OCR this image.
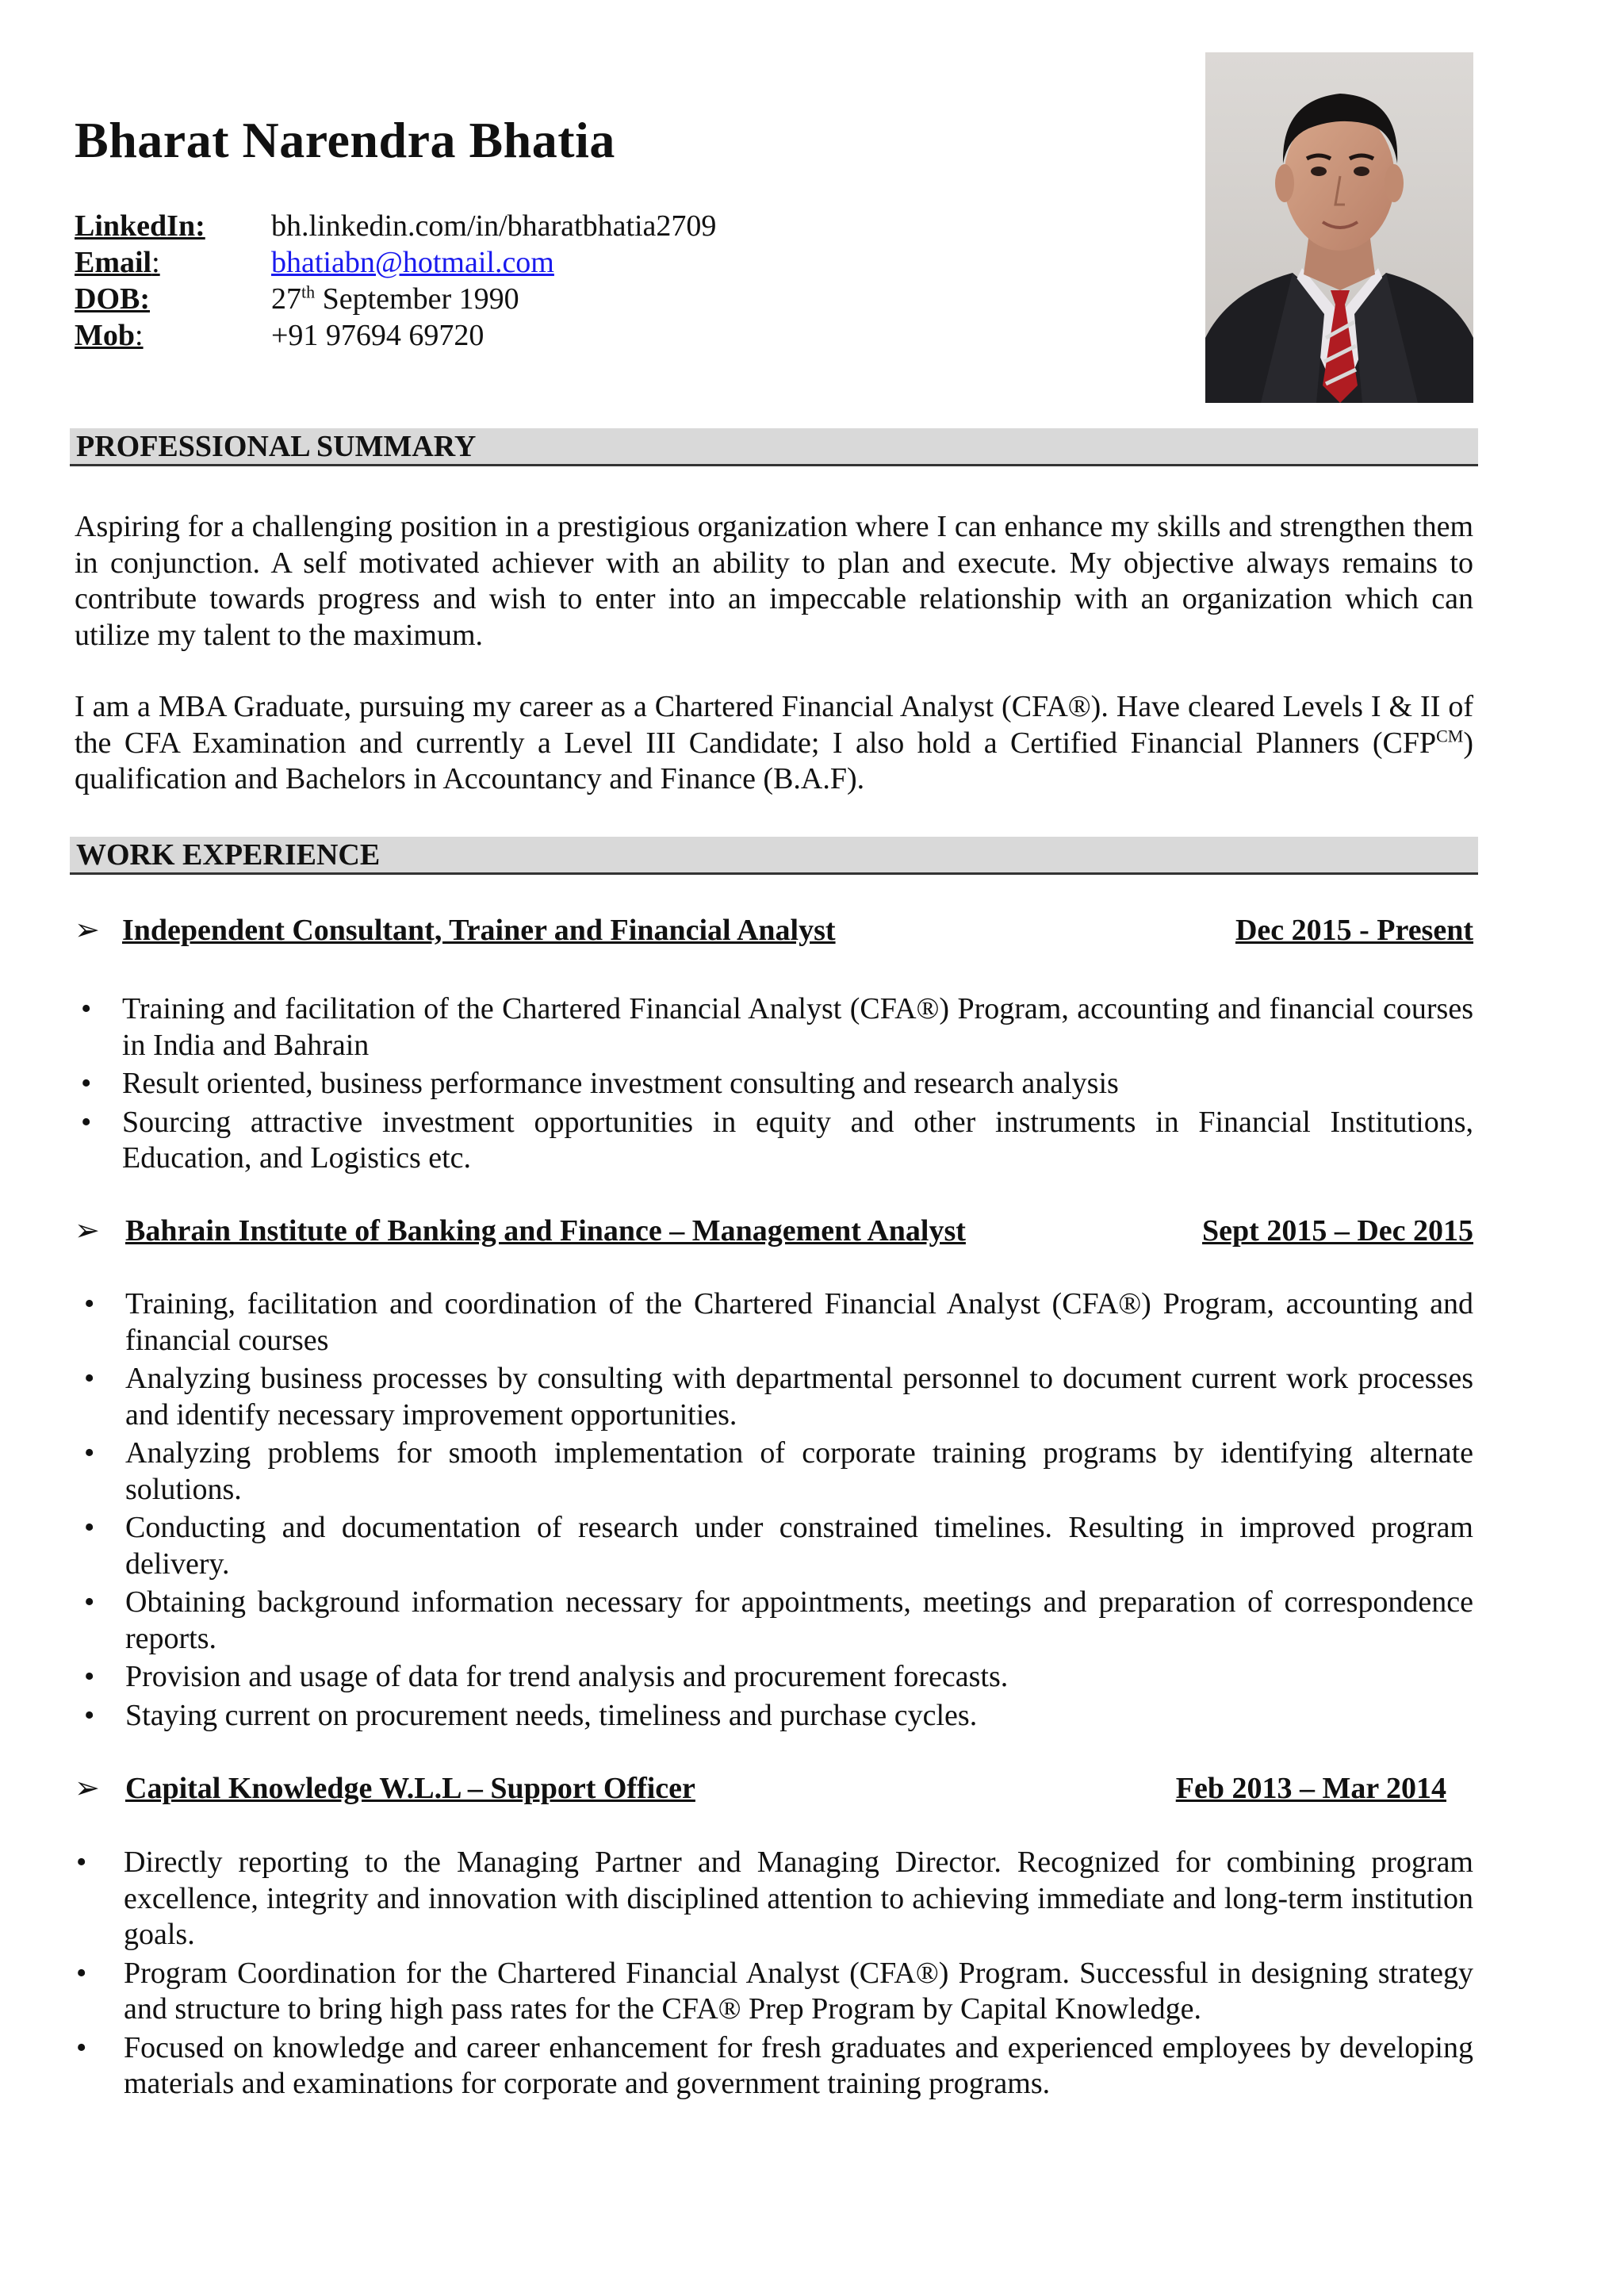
Bharat Narendra Bhatia
LinkedIn:	bh.linkedin.com/in/bharatbhatia2709
Email:	bhatiabn@hotmail.com
DOB:	27th September 1990
Mob:	+91 97694 69720
PROFESSIONAL SUMMARY

Aspiring for a challenging position in a prestigious organization where I can enhance my skills and strengthen them in conjunction. A self motivated achiever with an ability to plan and execute. My objective always remains to contribute towards progress and wish to enter into an impeccable relationship with an organization which can utilize my talent to the maximum.

I am a MBA Graduate, pursuing my career as a Chartered Financial Analyst (CFA®). Have cleared Levels I & II of the CFA Examination and currently a Level III Candidate; I also hold a Certified Financial Planners $(CFP^{CM})$ qualification and Bachelors in Accountancy and Finance (B.A.F).

WORK EXPERIENCE
➢ Independent Consultant, Trainer and Financial Analyst	Dec 2015 - Present
• Training and facilitation of the Chartered Financial Analyst (CFA®) Program, accounting and financial courses in India and Bahrain
• Result oriented, business performance investment consulting and research analysis
• Sourcing attractive investment opportunities in equity and other instruments in Financial Institutions, Education, and Logistics etc.
➢ Bahrain Institute of Banking and Finance – Management Analyst	Sept 2015 – Dec 2015
• Training, facilitation and coordination of the Chartered Financial Analyst (CFA®) Program, accounting and financial courses
• Analyzing business processes by consulting with departmental personnel to document current work processes and identify necessary improvement opportunities.
• Analyzing problems for smooth implementation of corporate training programs by identifying alternate solutions.
• Conducting and documentation of research under constrained timelines. Resulting in improved program delivery.
• Obtaining background information necessary for appointments, meetings and preparation of correspondence reports.
• Provision and usage of data for trend analysis and procurement forecasts.
• Staying current on procurement needs, timeliness and purchase cycles.
➢ Capital Knowledge W.L.L – Support Officer	Feb 2013 – Mar 2014
• Directly reporting to the Managing Partner and Managing Director. Recognized for combining program excellence, integrity and innovation with disciplined attention to achieving immediate and long-term institution goals.
• Program Coordination for the Chartered Financial Analyst (CFA®) Program. Successful in designing strategy and structure to bring high pass rates for the CFA® Prep Program by Capital Knowledge.
• Focused on knowledge and career enhancement for fresh graduates and experienced employees by developing materials and examinations for corporate and government training programs.
